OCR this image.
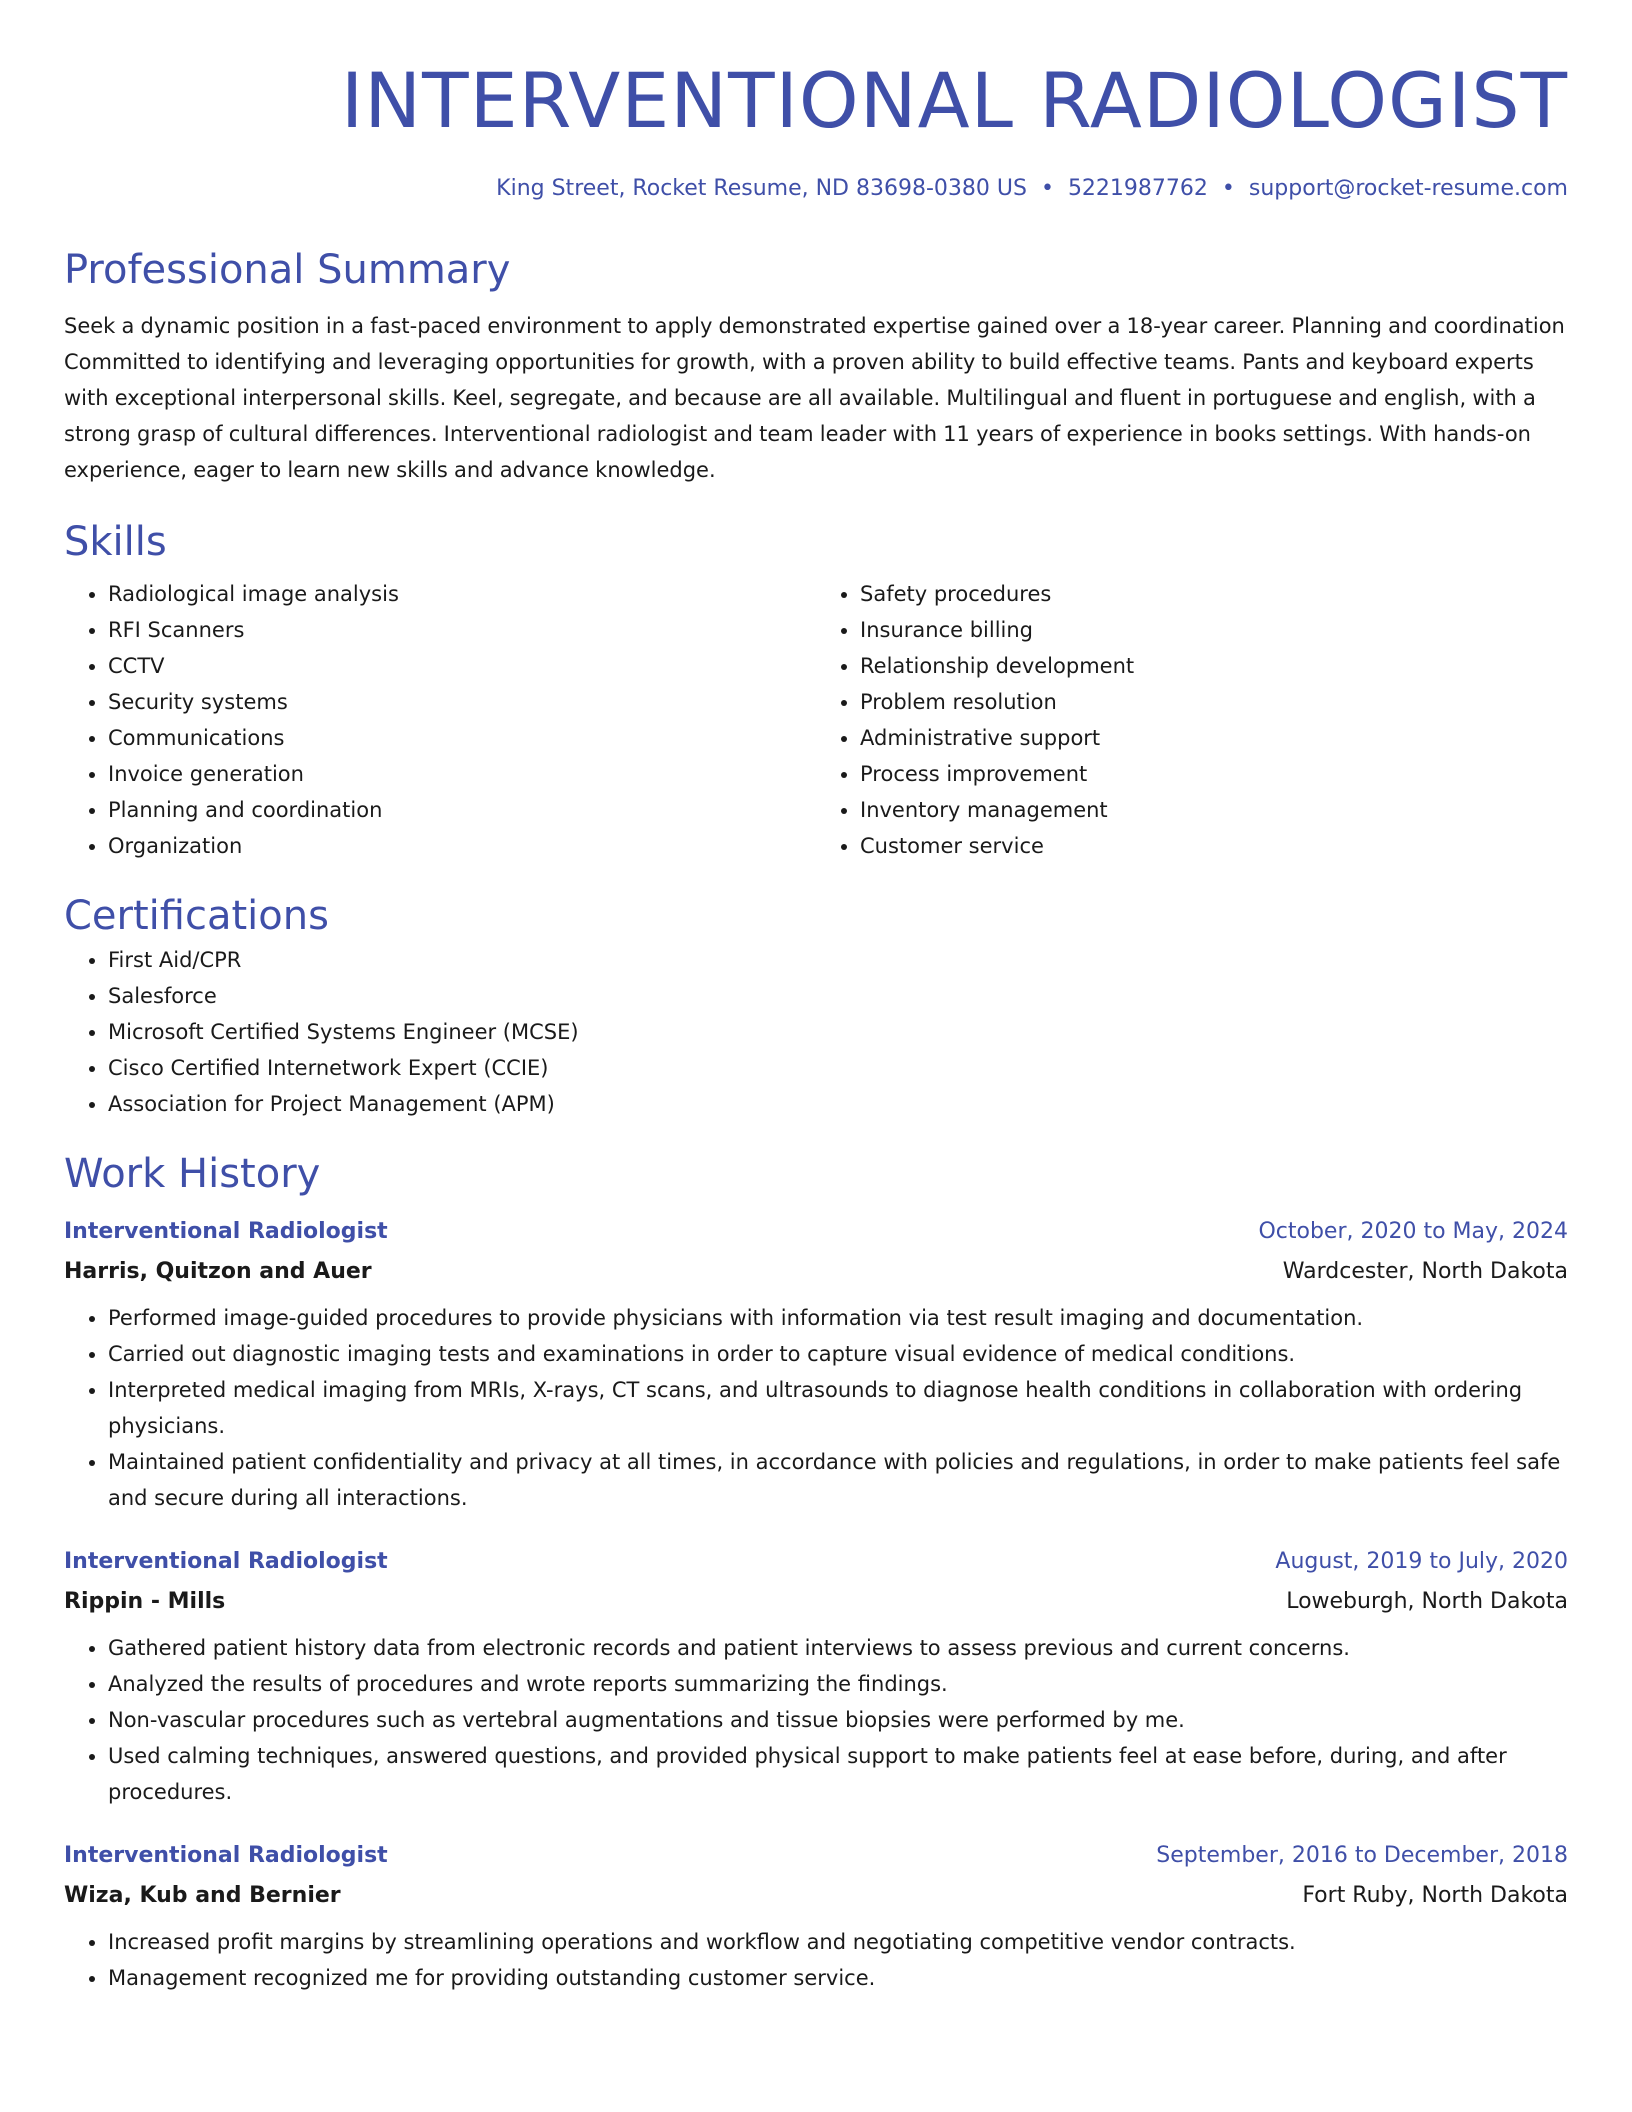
INTERVENTIONAL RADIOLOGIST
King Street, Rocket Resume, ND 83698-0380 US • 5221987762 • support@rocket-resume.com
Professional Summary
Seek a dynamic position in a fast-paced environment to apply demonstrated expertise gained over a 18-year career. Planning and coordination Committed to identifying and leveraging opportunities for growth, with a proven ability to build effective teams. Pants and keyboard experts with exceptional interpersonal skills. Keel, segregate, and because are all available. Multilingual and fluent in portuguese and english, with a strong grasp of cultural differences. Interventional radiologist and team leader with 11 years of experience in books settings. With hands-on experience, eager to learn new skills and advance knowledge.
Skills
• Radiological image analysis
• RFI Scanners
• CCTV
• Security systems
• Communications
• Invoice generation
• Planning and coordination
• Organization
• Safety procedures
• Insurance billing
• Relationship development
• Problem resolution
• Administrative support
• Process improvement
• Inventory management
• Customer service
Certifications
• First Aid/CPR
• Salesforce
• Microsoft Certified Systems Engineer (MCSE)
• Cisco Certified Internetwork Expert (CCIE)
• Association for Project Management (APM)
Work History
Interventional Radiologist	October, 2020 to May, 2024
Harris, Quitzon and Auer	Wardcester, North Dakota
• Performed image-guided procedures to provide physicians with information via test result imaging and documentation.
• Carried out diagnostic imaging tests and examinations in order to capture visual evidence of medical conditions.
• Interpreted medical imaging from MRIs, X-rays, CT scans, and ultrasounds to diagnose health conditions in collaboration with ordering physicians.
• Maintained patient confidentiality and privacy at all times, in accordance with policies and regulations, in order to make patients feel safe and secure during all interactions.
Interventional Radiologist	August, 2019 to July, 2020
Rippin - Mills	Loweburgh, North Dakota
• Gathered patient history data from electronic records and patient interviews to assess previous and current concerns.
• Analyzed the results of procedures and wrote reports summarizing the findings.
• Non-vascular procedures such as vertebral augmentations and tissue biopsies were performed by me.
• Used calming techniques, answered questions, and provided physical support to make patients feel at ease before, during, and after procedures.
Interventional Radiologist	September, 2016 to December, 2018
Wiza, Kub and Bernier	Fort Ruby, North Dakota
• Increased profit margins by streamlining operations and workflow and negotiating competitive vendor contracts.
• Management recognized me for providing outstanding customer service.
